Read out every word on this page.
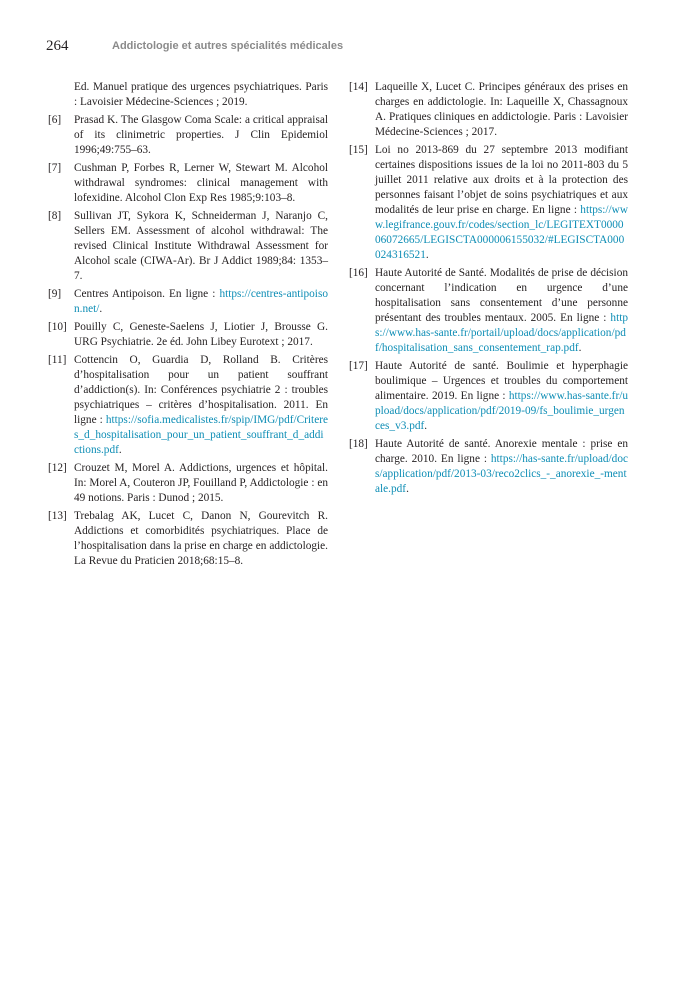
264	Addictologie et autres spécialités médicales

Ed. Manuel pratique des urgences psychiatriques. Paris : Lavoisier Médecine-Sciences ; 2019.

[6] Prasad K. The Glasgow Coma Scale: a critical appraisal of its clinimetric properties. J Clin Epidemiol 1996;49:755–63.

[7] Cushman P, Forbes R, Lerner W, Stewart M. Alcohol withdrawal syndromes: clinical management with lofexidine. Alcohol Clon Exp Res 1985;9:103–8.

[8] Sullivan JT, Sykora K, Schneiderman J, Naranjo C, Sellers EM. Assessment of alcohol withdrawal: The revised Clinical Institute Withdrawal Assessment for Alcohol scale (CIWA-Ar). Br J Addict 1989;84: 1353–7.

[9] Centres Antipoison. En ligne : https://centres-antipoison.net/.

[10] Pouilly C, Geneste-Saelens J, Liotier J, Brousse G. URG Psychiatrie. 2e éd. John Libey Eurotext ; 2017.

[11] Cottencin O, Guardia D, Rolland B. Critères d’hospitalisation pour un patient souffrant d’addiction(s). In: Conférences psychiatrie 2 : troubles psychiatriques – critères d’hospitalisation. 2011. En ligne : https://sofia.medicalistes.fr/spip/IMG/pdf/Criteres_d_hospitalisation_pour_un_patient_souffrant_d_addictions.pdf.

[12] Crouzet M, Morel A. Addictions, urgences et hôpital. In: Morel A, Couteron JP, Fouilland P, Addictologie : en 49 notions. Paris : Dunod ; 2015.

[13] Trebalag AK, Lucet C, Danon N, Gourevitch R. Addictions et comorbidités psychiatriques. Place de l’hospitalisation dans la prise en charge en addictologie. La Revue du Praticien 2018;68:15–8.

[14] Laqueille X, Lucet C. Principes généraux des prises en charges en addictologie. In: Laqueille X, Chassagnoux A. Pratiques cliniques en addictologie. Paris : Lavoisier Médecine-Sciences ; 2017.

[15] Loi no 2013-869 du 27 septembre 2013 modifiant certaines dispositions issues de la loi no 2011-803 du 5 juillet 2011 relative aux droits et à la protection des personnes faisant l’objet de soins psychiatriques et aux modalités de leur prise en charge. En ligne : https://www.legifrance.gouv.fr/codes/section_lc/LEGITEXT000006072665/LEGISCTA000006155032/#LEGISCTA000024316521.

[16] Haute Autorité de Santé. Modalités de prise de décision concernant l’indication en urgence d’une hospitalisation sans consentement d’une personne présentant des troubles mentaux. 2005. En ligne : https://www.has-sante.fr/portail/upload/docs/application/pdf/hospitalisation_sans_consentement_rap.pdf.

[17] Haute Autorité de santé. Boulimie et hyperphagie boulimique – Urgences et troubles du comportement alimentaire. 2019. En ligne : https://www.has-sante.fr/upload/docs/application/pdf/2019-09/fs_boulimie_urgences_v3.pdf.

[18] Haute Autorité de santé. Anorexie mentale : prise en charge. 2010. En ligne : https://has-sante.fr/upload/docs/application/pdf/2013-03/reco2clics_-_anorexie_-mentale.pdf.
